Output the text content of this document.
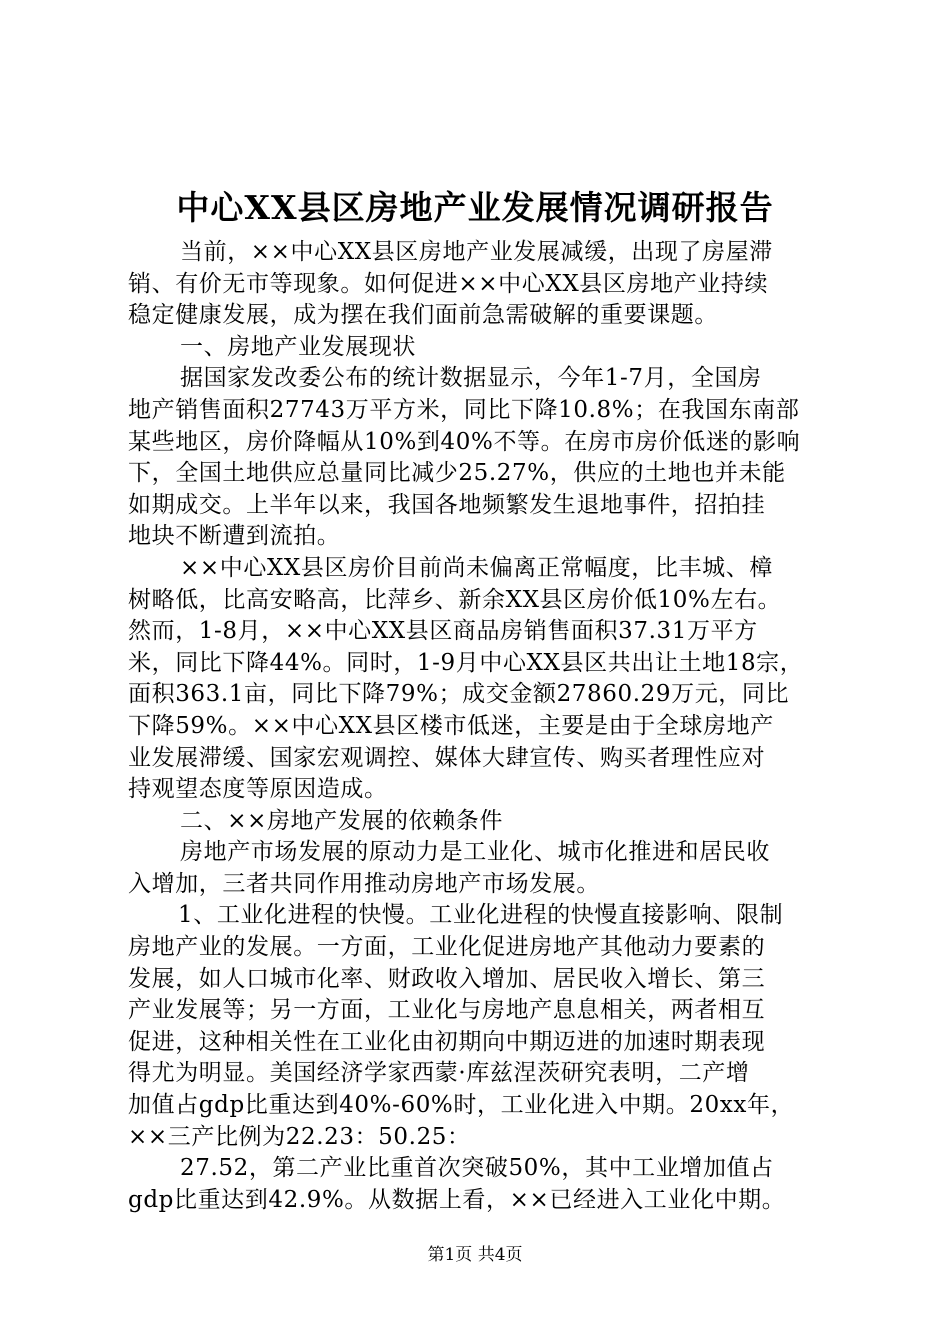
中心XX县区房地产业发展情况调研报告
当前，××中心XX县区房地产业发展减缓，出现了房屋滞
销、有价无市等现象。如何促进××中心XX县区房地产业持续
稳定健康发展，成为摆在我们面前急需破解的重要课题。
一、房地产业发展现状
据国家发改委公布的统计数据显示，今年1-7月，全国房
地产销售面积27743万平方米，同比下降10.8%；在我国东南部
某些地区，房价降幅从10%到40%不等。在房市房价低迷的影响
下，全国土地供应总量同比减少25.27%，供应的土地也并未能
如期成交。上半年以来，我国各地频繁发生退地事件，招拍挂
地块不断遭到流拍。
××中心XX县区房价目前尚未偏离正常幅度，比丰城、樟
树略低，比高安略高，比萍乡、新余XX县区房价低10%左右。
然而，1-8月，××中心XX县区商品房销售面积37.31万平方
米，同比下降44%。同时，1-9月中心XX县区共出让土地18宗，
面积363.1亩，同比下降79%；成交金额27860.29万元，同比
下降59%。××中心XX县区楼市低迷，主要是由于全球房地产
业发展滞缓、国家宏观调控、媒体大肆宣传、购买者理性应对
持观望态度等原因造成。
二、××房地产发展的依赖条件
房地产市场发展的原动力是工业化、城市化推进和居民收
入增加，三者共同作用推动房地产市场发展。
1、工业化进程的快慢。工业化进程的快慢直接影响、限制
房地产业的发展。一方面，工业化促进房地产其他动力要素的
发展，如人口城市化率、财政收入增加、居民收入增长、第三
产业发展等；另一方面，工业化与房地产息息相关，两者相互
促进，这种相关性在工业化由初期向中期迈进的加速时期表现
得尤为明显。美国经济学家西蒙·库兹涅茨研究表明，二产增
加值占gdp比重达到40%-60%时，工业化进入中期。20xx年，
××三产比例为22.23：50.25：
27.52，第二产业比重首次突破50%，其中工业增加值占
gdp比重达到42.9%。从数据上看，××已经进入工业化中期。
第1页 共4页
